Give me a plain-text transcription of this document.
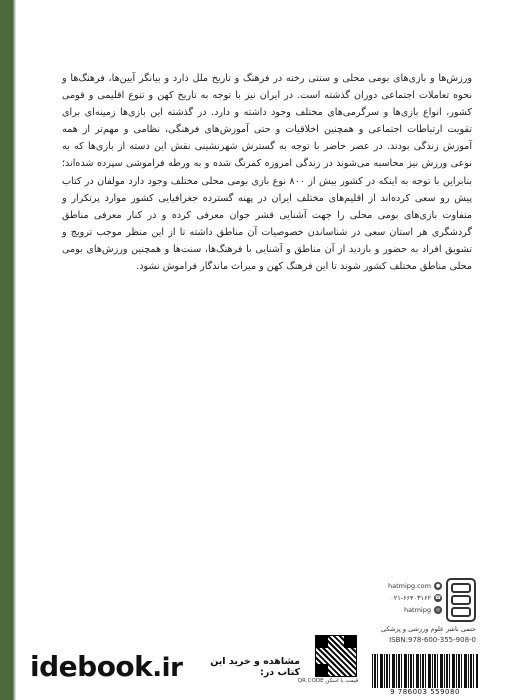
ورزش‌ها و بازی‌های بومی محلی و سنتی رخنه در فرهنگ و تاریخ ملل دارد و بیانگر آیین‌ها، فرهنگ‌ها و نحوه تعاملات اجتماعی دوران گذشته است. در ایران نیز با توجه به تاریخ کهن و تنوع اقلیمی و قومی کشور، انواع بازی‌ها و سرگرمی‌های مختلف وجود داشته و دارد. در گذشته این بازی‌ها زمینه‌ای برای تقویت ارتباطات اجتماعی و همچنین اخلاقیات و حتی آموزش‌های فرهنگی، نظامی و مهم‌تر از همه آموزش زندگی بودند. در عصر حاضر با توجه به گسترش شهرنشینی نقش این دسته از بازی‌ها که به نوعی ورزش نیز محاسبه می‌شوند در زندگی امروزه کمرنگ شده و به ورطه فراموشی سپرده شده‌اند؛ بنابراین با توجه به اینکه در کشور بیش از ۸۰۰ نوع بازی بومی محلی مختلف وجود دارد مولفان در کتاب پیش رو سعی کرده‌اند از اقلیم‌های مختلف ایران در پهنه گسترده جغرافیایی کشور موارد پرتکرار و متفاوت بازی‌های بومی محلی را جهت آشنایی قشر جوان معرفی کرده و در کنار معرفی مناطق گردشگری هر استان سعی در شناساندن خصوصیات آن مناطق داشته تا از این منظر موجب ترویج و تشویق افراد به حضور و بازدید از آن مناطق و آشنایی با فرهنگ‌ها، سنت‌ها و همچنین ورزش‌های بومی محلی مناطق مختلف کشور شوند تا این فرهنگ کهن و میراث ماندگار فراموش نشود.

hatmipg.com ●
۰۲۱-۶۶۴۰۳۱۶۲ ☎
hatmipg ◎
حتمی ناشر علوم ورزشی و پزشکی
ISBN:978-600-355-908-0
9 786003 559080
قیمت با اسکن QR CODE
مشاهده و خرید این کتاب در:
idebook.ir
